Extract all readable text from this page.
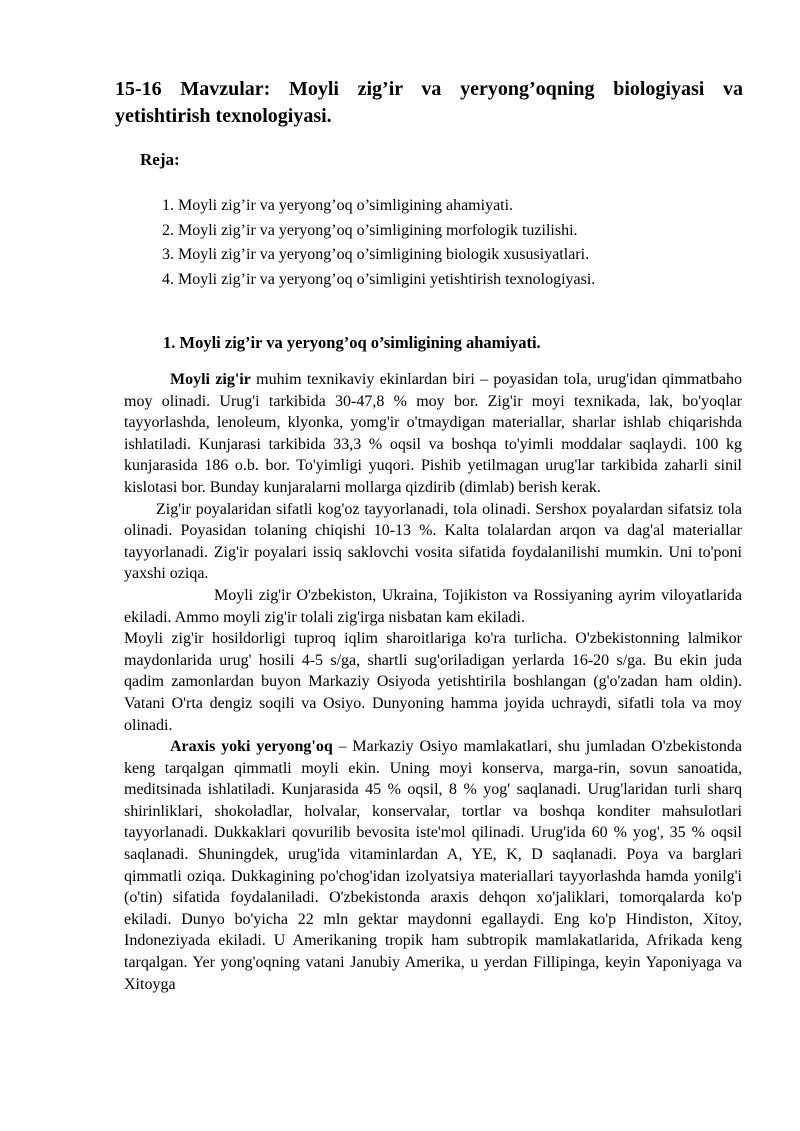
15-16 Mavzular: Moyli zig’ir va yeryong’oqning biologiyasi va yetishtirish texnologiyasi.

Reja:

1. Moyli zig’ir va yeryong’oq o’simligining ahamiyati.
2. Moyli zig’ir va yeryong’oq o’simligining morfologik tuzilishi.
3. Moyli zig’ir va yeryong’oq o’simligining biologik xususiyatlari.
4. Moyli zig’ir va yeryong’oq o’simligini yetishtirish texnologiyasi.

1. Moyli zig’ir va yeryong’oq o’simligining ahamiyati.

Moyli zig'ir muhim texnikaviy ekinlardan biri – poyasidan tola, urug'idan qimmatbaho moy olinadi. Urug'i tarkibida 30-47,8 % moy bor. Zig'ir moyi texnikada, lak, bo'yoqlar tayyorlashda, lenoleum, klyonka, yomg'ir o'tmaydigan materiallar, sharlar ishlab chiqarishda ishlatiladi. Kunjarasi tarkibida 33,3 % oqsil va boshqa to'yimli moddalar saqlaydi. 100 kg kunjarasida 186 o.b. bor. To'yimligi yuqori. Pishib yetilmagan urug'lar tarkibida zaharli sinil kislotasi bor. Bunday kunjaralarni mollarga qizdirib (dimlab) berish kerak.

Zig'ir poyalaridan sifatli kog'oz tayyorlanadi, tola olinadi. Sershox poyalardan sifatsiz tola olinadi. Poyasidan tolaning chiqishi 10-13 %. Kalta tolalardan arqon va dag'al materiallar tayyorlanadi. Zig'ir poyalari issiq saklovchi vosita sifatida foydalanilishi mumkin. Uni to'poni yaxshi oziqa.

Moyli zig'ir O'zbekiston, Ukraina, Tojikiston va Rossiyaning ayrim viloyatlarida ekiladi. Ammo moyli zig'ir tolali zig'irga nisbatan kam ekiladi.

Moyli zig'ir hosildorligi tuproq iqlim sharoitlariga ko'ra turlicha. O'zbekistonning lalmikor maydonlarida urug' hosili 4-5 s/ga, shartli sug'oriladigan yerlarda 16-20 s/ga. Bu ekin juda qadim zamonlardan buyon Markaziy Osiyoda yetishtirila boshlangan (g'o'zadan ham oldin). Vatani O'rta dengiz soqili va Osiyo. Dunyoning hamma joyida uchraydi, sifatli tola va moy olinadi.

Araxis yoki yeryong'oq – Markaziy Osiyo mamlakatlari, shu jumladan O'zbekistonda keng tarqalgan qimmatli moyli ekin. Uning moyi konserva, marga-rin, sovun sanoatida, meditsinada ishlatiladi. Kunjarasida 45 % oqsil, 8 % yog' saqlanadi. Urug'laridan turli sharq shirinliklari, shokoladlar, holvalar, konservalar, tortlar va boshqa konditer mahsulotlari tayyorlanadi. Dukkaklari qovurilib bevosita iste'mol qilinadi. Urug'ida 60 % yog', 35 % oqsil saqlanadi. Shuningdek, urug'ida vitaminlardan A, YE, K, D saqlanadi. Poya va barglari qimmatli oziqa. Dukkagining po'chog'idan izolyatsiya materiallari tayyorlashda hamda yonilg'i (o'tin) sifatida foydalaniladi. O'zbekistonda araxis dehqon xo'jaliklari, tomorqalarda ko'p ekiladi. Dunyo bo'yicha 22 mln gektar maydonni egallaydi. Eng ko'p Hindiston, Xitoy, Indoneziyada ekiladi. U Amerikaning tropik ham subtropik mamlakatlarida, Afrikada keng tarqalgan. Yer yong'oqning vatani Janubiy Amerika, u yerdan Fillipinga, keyin Yaponiyaga va Xitoyga
